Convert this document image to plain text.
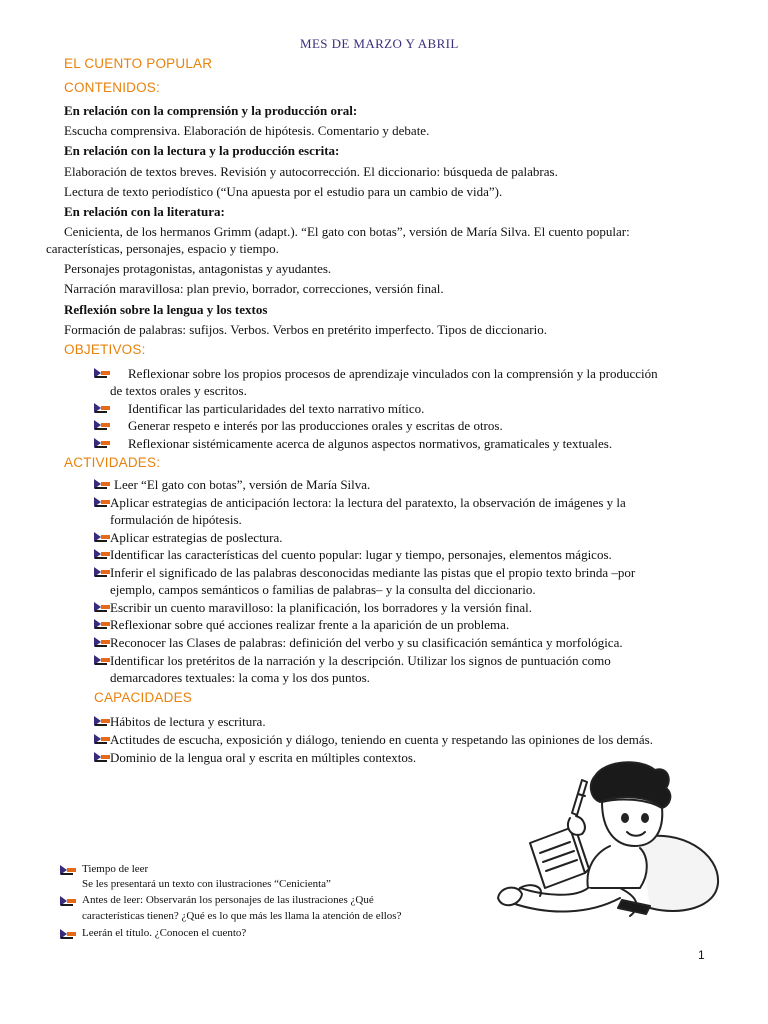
MES DE MARZO Y ABRIL
EL CUENTO POPULAR
CONTENIDOS:
En relación con la comprensión y la producción oral:
Escucha comprensiva. Elaboración de hipótesis. Comentario y debate.
En relación con la lectura y la producción escrita:
Elaboración de textos breves. Revisión y autocorrección. El diccionario: búsqueda de palabras.
Lectura de texto periodístico (“Una apuesta por el estudio para un cambio de vida”).
En relación con la literatura:
Cenicienta, de los hermanos Grimm (adapt.). “El gato con botas”, versión de María Silva. El cuento popular:
características, personajes, espacio y tiempo.
Personajes protagonistas, antagonistas y ayudantes.
Narración maravillosa: plan previo, borrador, correcciones, versión final.
Reflexión sobre la lengua y los textos
Formación de palabras: sufijos. Verbos. Verbos en pretérito imperfecto. Tipos de diccionario.
OBJETIVOS:
Reflexionar sobre los propios procesos de aprendizaje vinculados con la comprensión y la producción
de textos orales y escritos.
Identificar las particularidades del texto narrativo mítico.
Generar respeto e interés por las producciones orales y escritas de otros.
Reflexionar sistémicamente acerca de algunos aspectos normativos, gramaticales y textuales.
ACTIVIDADES:
Leer “El gato con botas”, versión de María Silva.
Aplicar estrategias de anticipación lectora: la lectura del paratexto, la observación de imágenes y la
formulación de hipótesis.
Aplicar estrategias de poslectura.
Identificar las características del cuento popular: lugar y tiempo, personajes, elementos mágicos.
Inferir el significado de las palabras desconocidas mediante las pistas que el propio texto brinda –por
ejemplo, campos semánticos o familias de palabras– y la consulta del diccionario.
Escribir un cuento maravilloso: la planificación, los borradores y la versión final.
Reflexionar sobre qué acciones realizar frente a la aparición de un problema.
Reconocer las Clases de palabras: definición del verbo y su clasificación semántica y morfológica.
Identificar los pretéritos de la narración y la descripción. Utilizar los signos de puntuación como
demarcadores textuales: la coma y los dos puntos.
CAPACIDADES
Hábitos de lectura y escritura.
Actitudes de escucha, exposición y diálogo, teniendo en cuenta y respetando las opiniones de los demás.
Dominio de la lengua oral y escrita en múltiples contextos.
Tiempo de leer
Se les presentará un texto con ilustraciones “Cenicienta”
Antes de leer: Observarán los personajes de las ilustraciones ¿Qué
características tienen? ¿Qué es lo que más les llama la atención de ellos?
Leerán el título. ¿Conocen el cuento?
1
